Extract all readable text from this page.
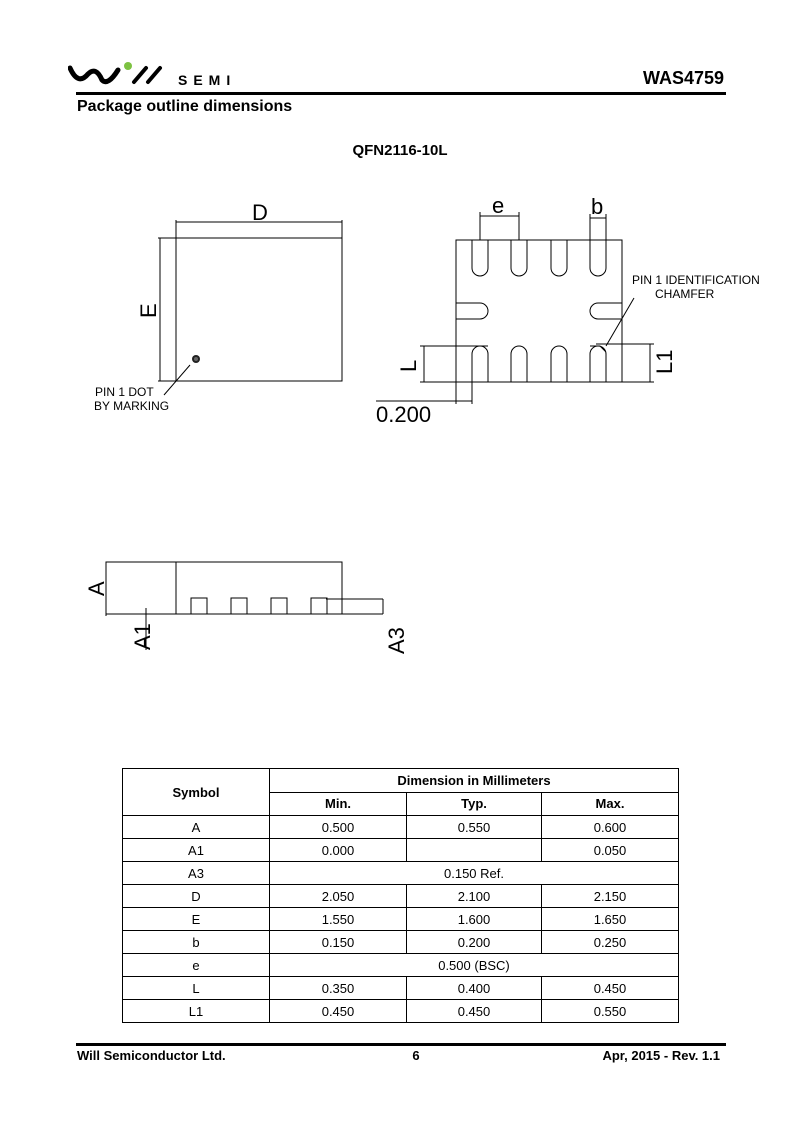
SEMI	WAS4759
Package outline dimensions
QFN2116-10L
D
E
PIN 1 DOT
BY MARKING
e	b
PIN 1 IDENTIFICATION
CHAMFER
L	L1
0.200
A
A1	A3
Symbol	Dimension in Millimeters		
	Min.	Typ.	Max.
A	0.500	0.550	0.600
A1	0.000		0.050
A3	0.150 Ref.		
D	2.050	2.100	2.150
E	1.550	1.600	1.650
b	0.150	0.200	0.250
e	0.500 (BSC)		
L	0.350	0.400	0.450
L1	0.450	0.450	0.550
Will Semiconductor Ltd.	6	Apr, 2015 - Rev. 1.1
